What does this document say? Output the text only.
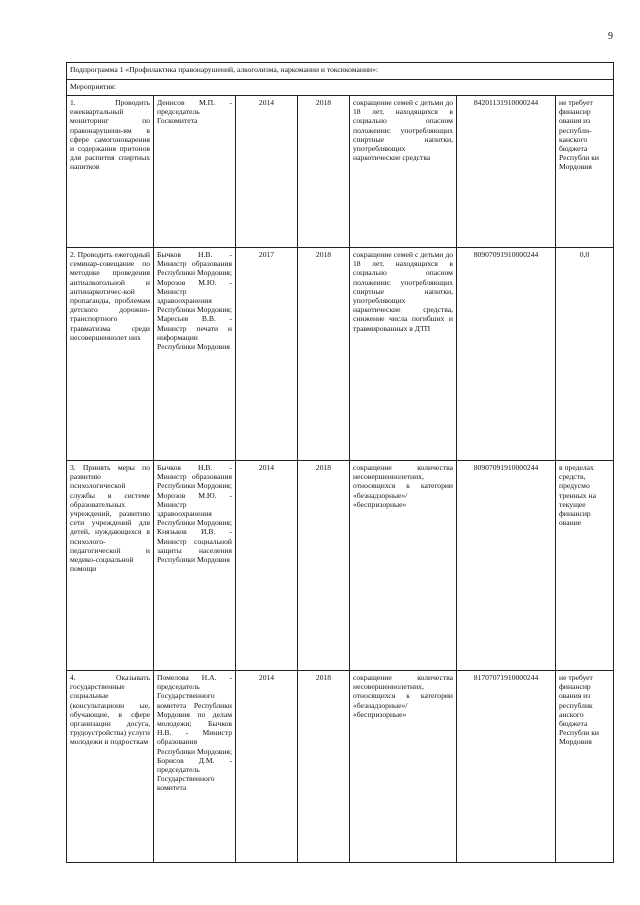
9
Подпрограмма 1 «Профилактика правонарушений, алкоголизма, наркомании и токсикомании»:						
Мероприятия:						
1. Проводить ежеквартальный мониторинг по правонарушени-ям в сфере самогоноварения и содержания притонов для распития спиртных напитков	Денисов М.П. - председатель Госкомитета	2014	2018	сокращение семей с детьми до 18 лет, находящихся в социально опасном положении: употребляющих спиртные напитки, употребляющих наркотические средства	84201131910000244	не требует финансир ования из республи-канского бюджета Республи ки Мордовия
2. Проводить ежегодный семинар-совещание по методике проведения антиалкогольной и антинаркотичес-кой пропаганды, проблемам детского дорожно-транспортного травматизма среди несовершеннолет них	Бычков Н.В. - Министр образования Республики Мордовия; Морозов М.Ю. - Министр здравоохранения Республики Мордовия; Маресьев В.В. - Министр печати и информации Республики Мордовия	2017	2018	сокращение семей с детьми до 18 лет, находящихся в социально опасном положении: употребляющих спиртные напитки, употребляющих наркотические средства, снижение числа погибших и травмированных в ДТП	80907091910000244	0,0
3. Принять меры по развитию психологической службы в системе образовательных учреждений, развитию сети учреждений для детей, нуждающихся в психолого-педагогической и медико-социальной помощи	Бычков Н.В. - Министр образования Республики Мордовия; Морозов М.Ю. - Министр здравоохранения Республики Мордовия; Князьков И.В. - Министр социальной защиты населения Республики Мордовия	2014	2018	сокращение количества несовершеннолетних, относящихся к категории «безнадзорные»/ «беспризорные»	80907091910000244	в пределах средств, предусмо тренных на текущее финансир ование
4. Оказывать государственные социальные (консультационн ые, обучающие, в сфере организации досуга, трудоустройства) услуги молодежи и подросткам	Помелова Н.А. - председатель Государственного комитета Республики Мордовия по делам молодежи; Бычков Н.В. - Министр образования Республики Мордовия; Борисов Д.М. - председатель Государственного комитета	2014	2018	сокращение количества несовершеннолетних, относящихся к категории «безнадзорные»/ «беспризорные»	81707071910000244	не требует финансир ования из республик анского бюджета Республи ки Мордовия
